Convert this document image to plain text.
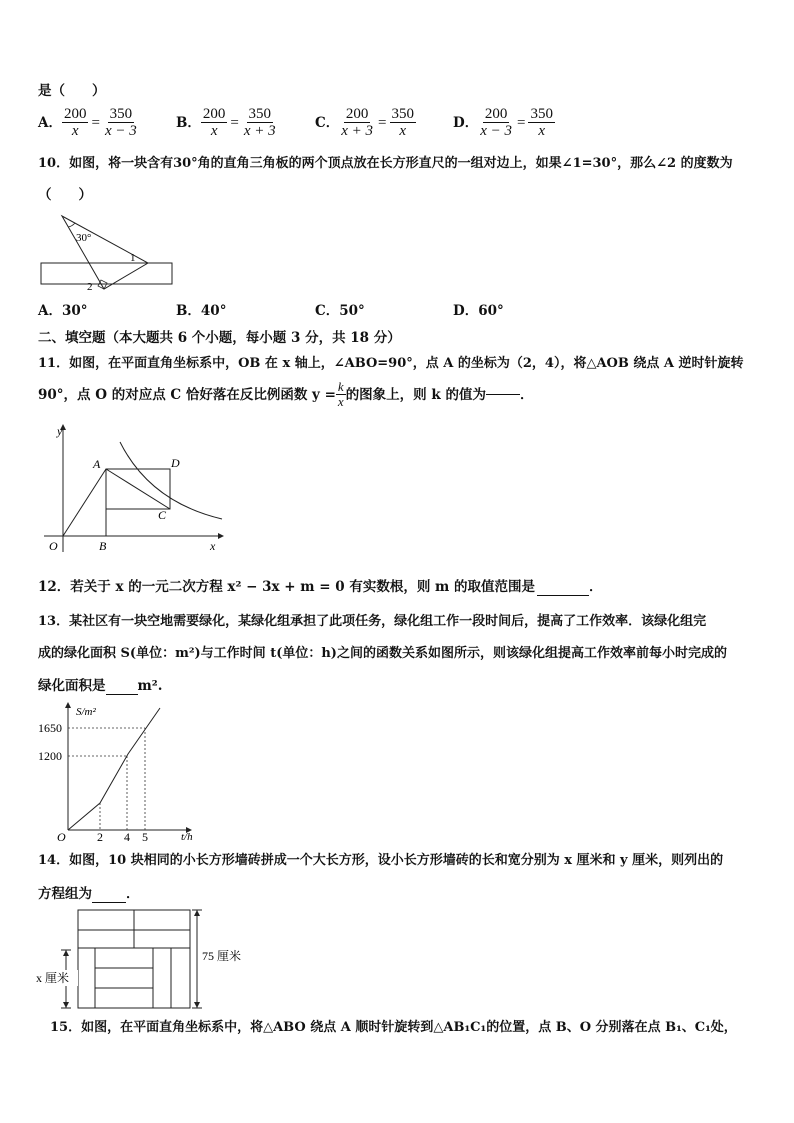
是（　　）
A． $\frac{200}{x} = \frac{350}{x - 3}$	B． $\frac{200}{x} = \frac{350}{x + 3}$	C． $\frac{200}{x + 3} = \frac{350}{x}$	D． $\frac{200}{x - 3} = \frac{350}{x}$
10．如图，将一块含有30°角的直角三角板的两个顶点放在长方形直尺的一组对边上，如果∠1=30°，那么∠2 的度数为
（　　）
30°
1
2
A．30°	B．40°	C．50°	D．60°
二、填空题（本大题共 6 个小题，每小题 3 分，共 18 分）
11．如图，在平面直角坐标系中，OB 在 x 轴上，∠ABO=90°，点 A 的坐标为（2，4），将△AOB 绕点 A 逆时针旋转
90°，点 O 的对应点 C 恰好落在反比例函数 $y = \frac{k}{x}$ 的图象上，则 k 的值为	．
y
x
O	B
A	D
C
12．若关于 x 的一元二次方程 x² − 3x + m = 0 有实数根，则 m 的取值范围是	．
13．某社区有一块空地需要绿化，某绿化组承担了此项任务，绿化组工作一段时间后，提高了工作效率．该绿化组完
成的绿化面积 S(单位：m²)与工作时间 t(单位：h)之间的函数关系如图所示，则该绿化组提高工作效率前每小时完成的
绿化面积是 m².
S/m²
t/h
1650
1200
O	2 4 5
14．如图，10 块相同的小长方形墙砖拼成一个大长方形，设小长方形墙砖的长和宽分别为 x 厘米和 y 厘米，则列出的
方程组为	．
75 厘米
x 厘米
15．如图，在平面直角坐标系中，将△ABO 绕点 A 顺时针旋转到△AB₁C₁的位置，点 B、O 分别落在点 B₁、C₁处，
